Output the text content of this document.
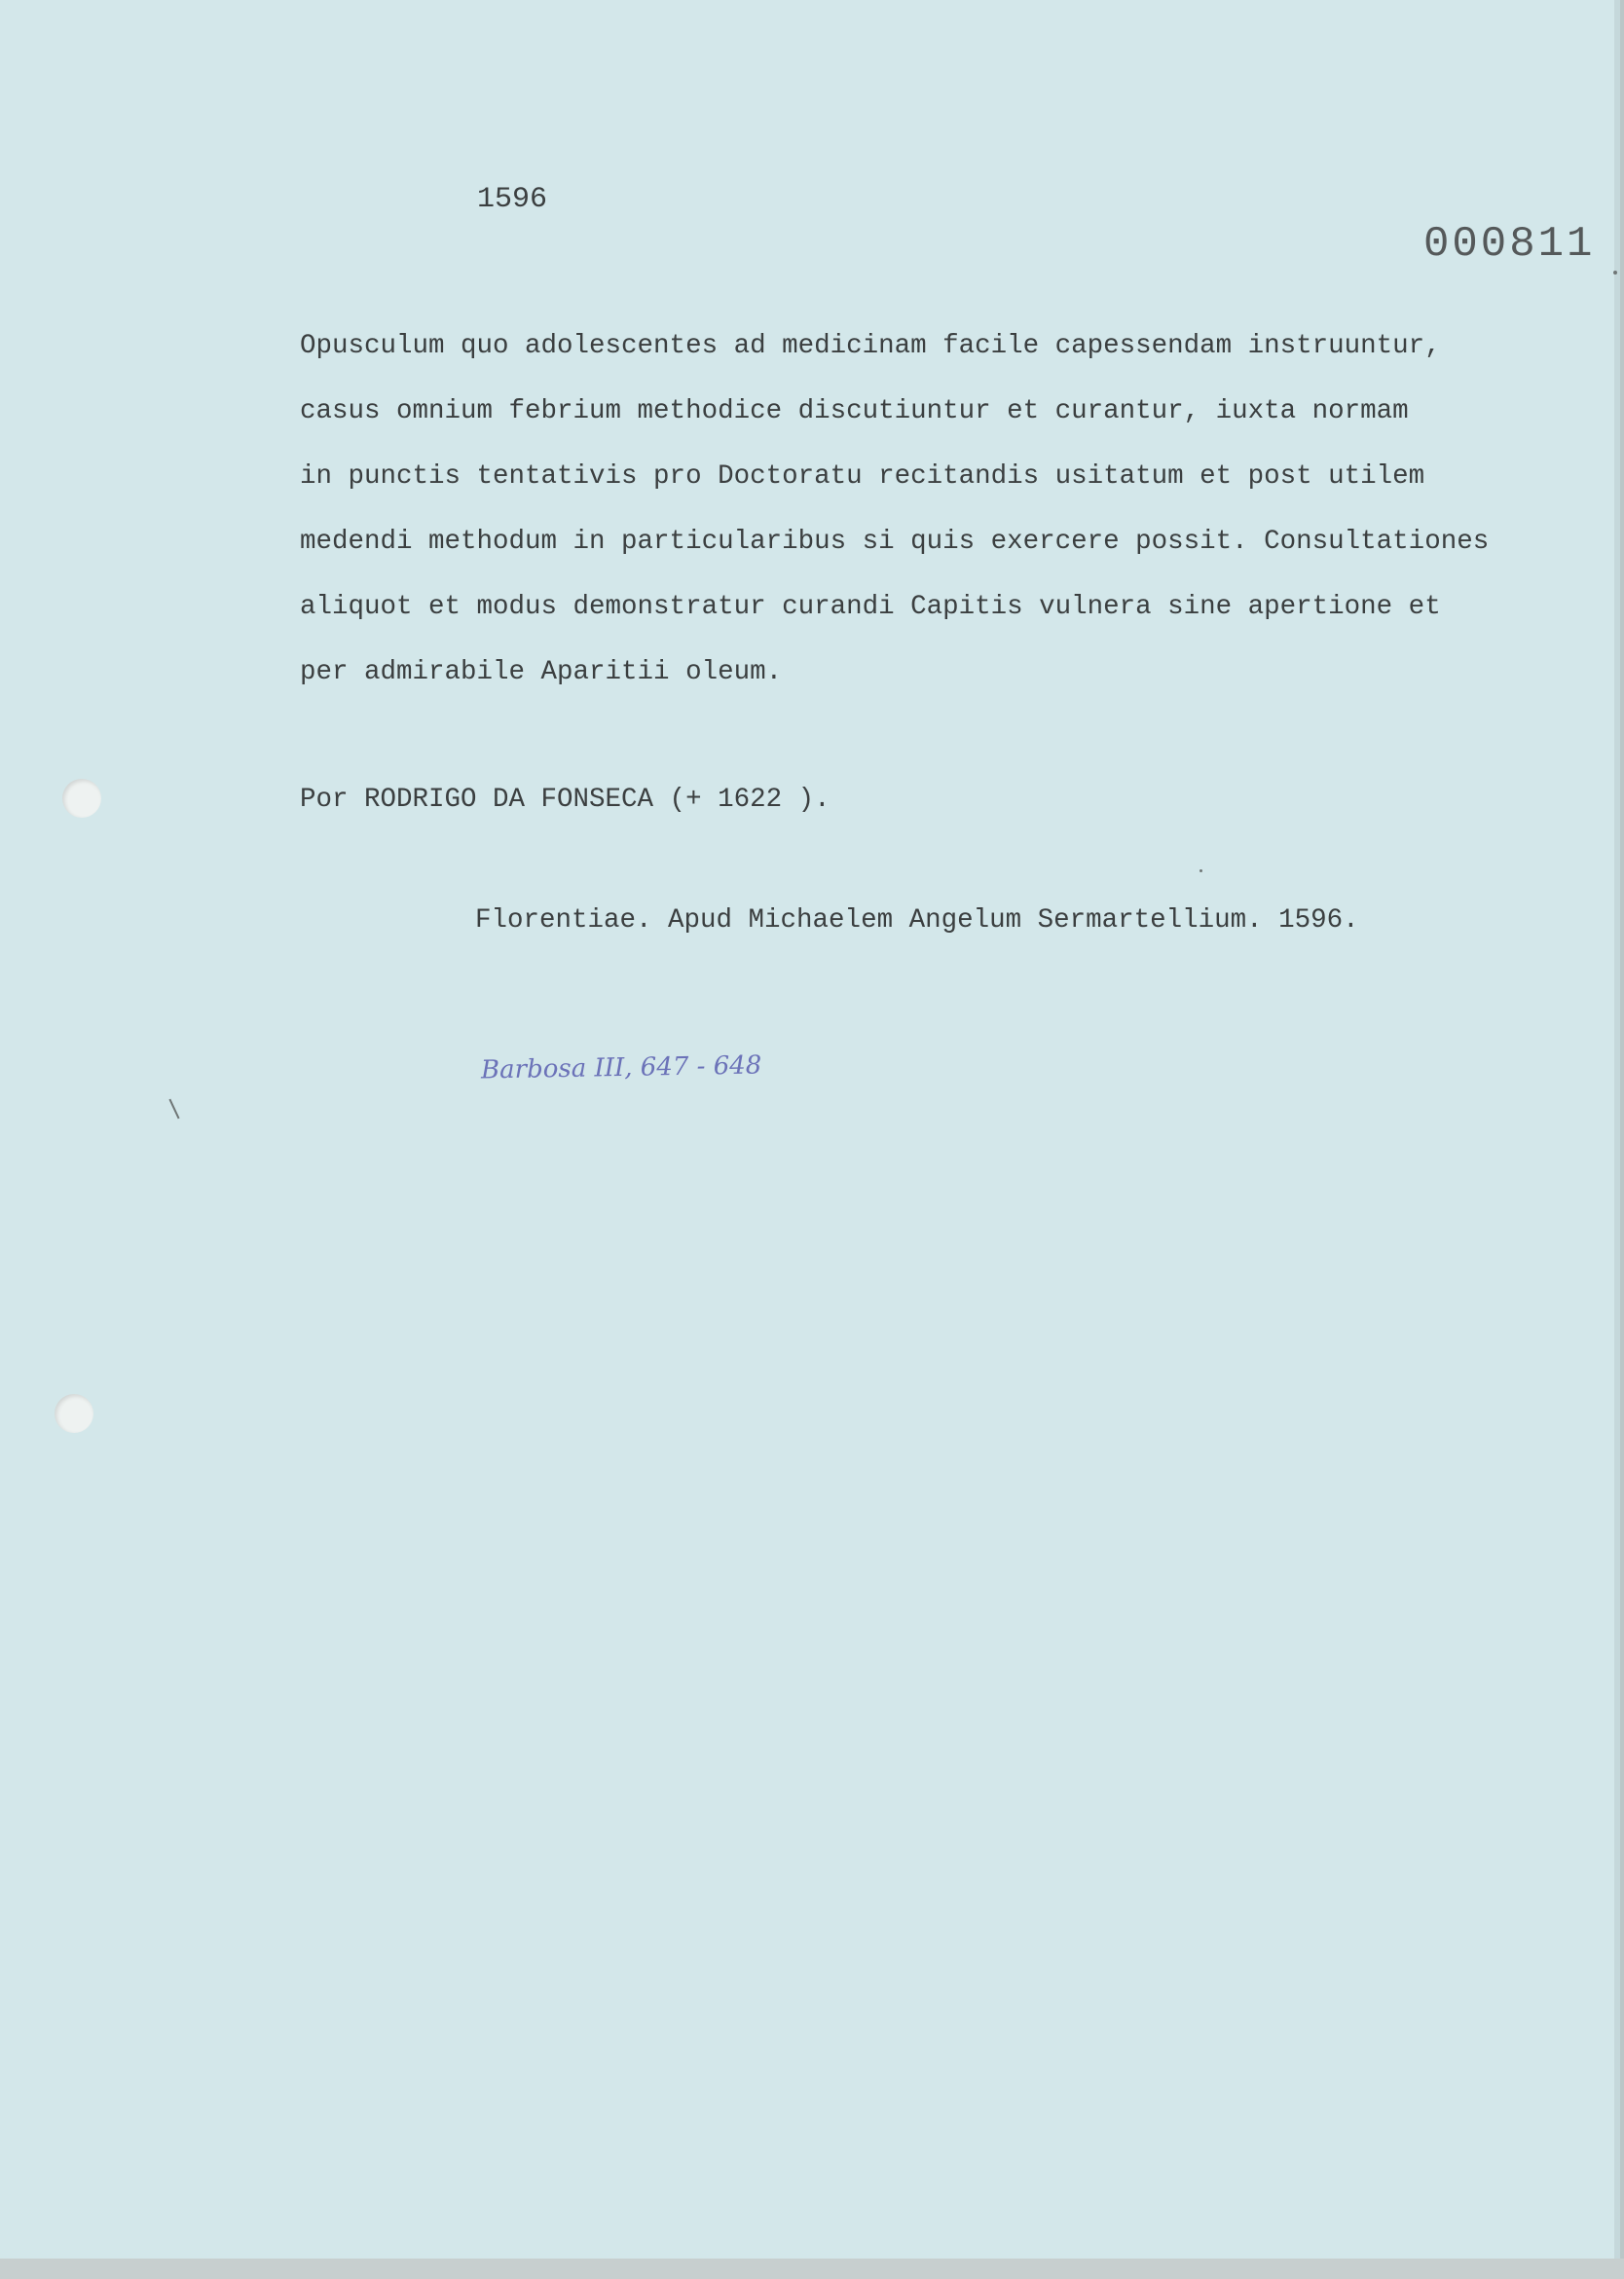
1596

000811

Opusculum quo adolescentes ad medicinam facile capessendam instruuntur,
casus omnium febrium methodice discutiuntur et curantur, iuxta normam
in punctis tentativis pro Doctoratu recitandis usitatum et post utilem
medendi methodum in particularibus si quis exercere possit. Consultationes
aliquot et modus demonstratur curandi Capitis vulnera sine apertione et
per admirabile Aparitii oleum.

Por RODRIGO DA FONSECA (+ 1622 ).

Florentiae. Apud Michaelem Angelum Sermartellium. 1596.

Barbosa III, 647 - 648
